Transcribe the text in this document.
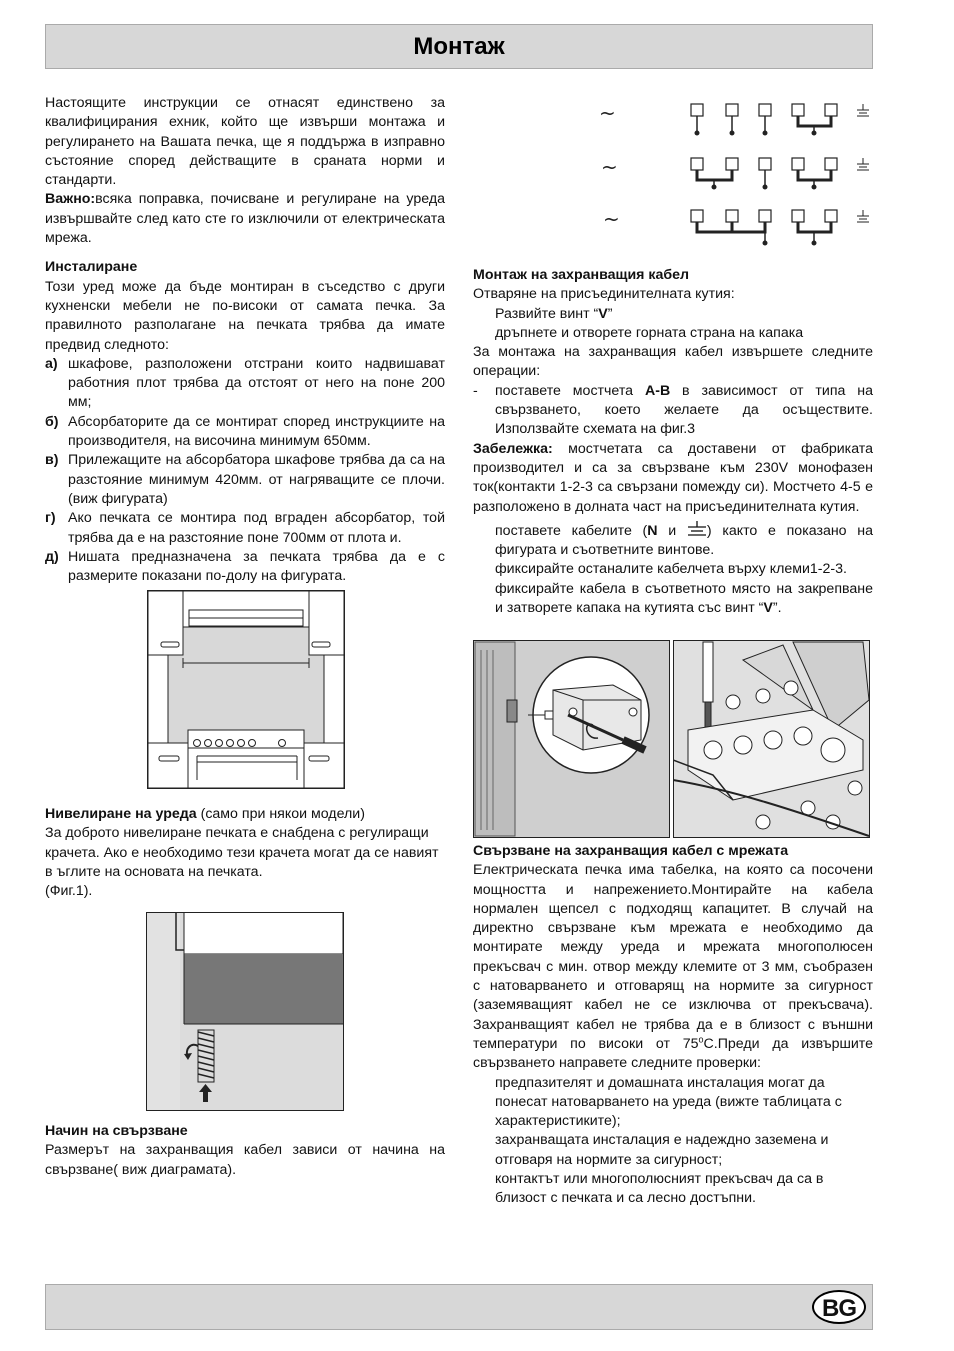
Монтаж

Настоящите инструкции се отнасят единствено за квалифицирания ехник, който ще извърши монтажа и регулирането на Вашата печка, ще я поддържа в изправно състояние според действащите в сраната норми и стандарти.

Важно:всяка поправка, почисване и регулиране на уреда извършвайте след като сте го изключили от електрическата мрежа.

Инсталиране

Този уред може да бъде монтиран в съседство с други кухненски мебели не по-високи от самата печка. За правилното разполагане на печката трябва да имате предвид следното:

а) шкафове, разположени отстрани които надвишават работния плот трябва да отстоят от него на поне 200 мм;
б) Абсорбаторите да се монтират според инструкциите на производителя, на височина минимум 650мм.
в) Прилежащите на абсорбатора шкафове трябва да са на разстояние минимум 420мм. от нагряващите се плочи.(виж фигурата)
г) Ако печката се монтира под вграден абсорбатор, той трябва да е на разстояние поне 700мм от плота и.
д) Нишата предназначена за печката трябва да е с размерите показани по-долу на фигурата.

Нивелиране на уреда (само при някои модели)

За доброто нивелиране печката е снабдена с регулиращи крачета. Ако е необходимо тези крачета могат да се навият в ъглите на основата на печката.

(Фиг.1).

Начин на свързване

Размерът на захранващия кабел зависи от начина на свързване( виж диаграмата).

~
~
~

Монтаж на захранващия кабел

Отваряне на присъединителната кутия:

Развийте винт “V”

дръпнете и отворете горната страна на капака

За монтажа на захранващия кабел извършете следните операции:

-	поставете мостчета A-B в зависимост от типа на свързването, което желаете да осъществите. Използвайте схемата на фиг.3

Забележка: мостчетата са доставени от фабриката производител и са за свързване към 230V монофазен ток(контакти 1-2-3 са свързани помежду си). Мостчето 4-5 е разположено в долната част на присъединителната кутия.

поставете кабелите (N и ) както е показано на фигурата и съответните винтове.

фиксирайте останалите кабелчета върху клеми1-2-3.

фиксирайте кабела в съответното място на закрепване и затворете капака на кутията със винт “V”.

Свързване на захранващия кабел с мрежата

Електрическата печка има табелка, на която са посочени мощността и напрежението.Монтирайте на кабела нормален щепсел с подходящ капацитет. В случай на директно свързване към мрежата е необходимо да монтирате между уреда и мрежата многополюсен прекъсвач с мин. отвор между клемите от 3 мм, съобразен с натоварването и отговарящ на нормите за сигурност (заземяващият кабел не се изключва от прекъсвача). Захранващият кабел не трябва да е в близост с външни температури по високи от 75$^o$С.Преди да извършите свързването направете следните проверки:

предпазителят и домашната инсталация могат да понесат натоварването на уреда (вижте таблицата с характеристиките);

захранващата инсталация е надеждно заземена и отговаря на нормите за сигурност;

контактът или многополюсният прекъсвач да са в близост с печката и са лесно достъпни.

BG
